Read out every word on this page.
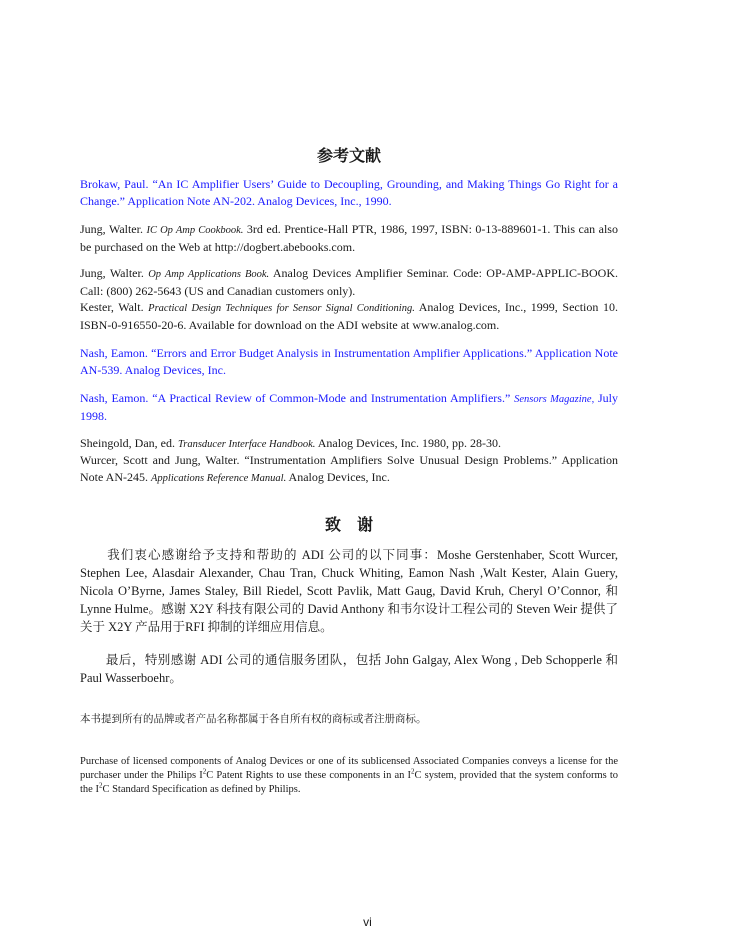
参考文献

Brokaw, Paul. “An IC Amplifier Users’ Guide to Decoupling, Grounding, and Making Things Go Right for a Change.” Application Note AN-202. Analog Devices, Inc., 1990.

Jung, Walter. IC Op Amp Cookbook. 3rd ed. Prentice-Hall PTR, 1986, 1997, ISBN: 0-13-889601-1. This can also be purchased on the Web at http://dogbert.abebooks.com.

Jung, Walter. Op Amp Applications Book. Analog Devices Amplifier Seminar. Code: OP-AMP-APPLIC-BOOK. Call: (800) 262-5643 (US and Canadian customers only).

Kester, Walt. Practical Design Techniques for Sensor Signal Conditioning. Analog Devices, Inc., 1999, Section 10. ISBN-0-916550-20-6. Available for download on the ADI website at www.analog.com.

Nash, Eamon. “Errors and Error Budget Analysis in Instrumentation Amplifier Applications.” Application Note AN-539. Analog Devices, Inc.

Nash, Eamon. “A Practical Review of Common-Mode and Instrumentation Amplifiers.” Sensors Magazine, July 1998.

Sheingold, Dan, ed. Transducer Interface Handbook. Analog Devices, Inc. 1980, pp. 28-30.

Wurcer, Scott and Jung, Walter. “Instrumentation Amplifiers Solve Unusual Design Problems.” Application Note AN-245. Applications Reference Manual. Analog Devices, Inc.

致　谢

　　我们衷心感谢给予支持和帮助的 ADI 公司的以下同事：Moshe Gerstenhaber, Scott Wurcer, Stephen Lee, Alasdair Alexander, Chau Tran, Chuck Whiting, Eamon Nash ,Walt Kester, Alain Guery, Nicola O’Byrne, James Staley, Bill Riedel, Scott Pavlik, Matt Gaug, David Kruh, Cheryl O’Connor, 和 Lynne Hulme。感谢 X2Y 科技有限公司的 David Anthony 和韦尔设计工程公司的 Steven Weir 提供了关于 X2Y 产品用于RFI 抑制的详细应用信息。

　　最后，特别感谢 ADI 公司的通信服务团队，包括 John Galgay, Alex Wong , Deb Schopperle 和 Paul Wasserboehr。

本书提到所有的品牌或者产品名称都属于各自所有权的商标或者注册商标。

Purchase of licensed components of Analog Devices or one of its sublicensed Associated Companies conveys a license for the purchaser under the Philips $I^2C$ Patent Rights to use these components in an $I^2C$ system, provided that the system conforms to the $I^2C$ Standard Specification as defined by Philips.

vi
